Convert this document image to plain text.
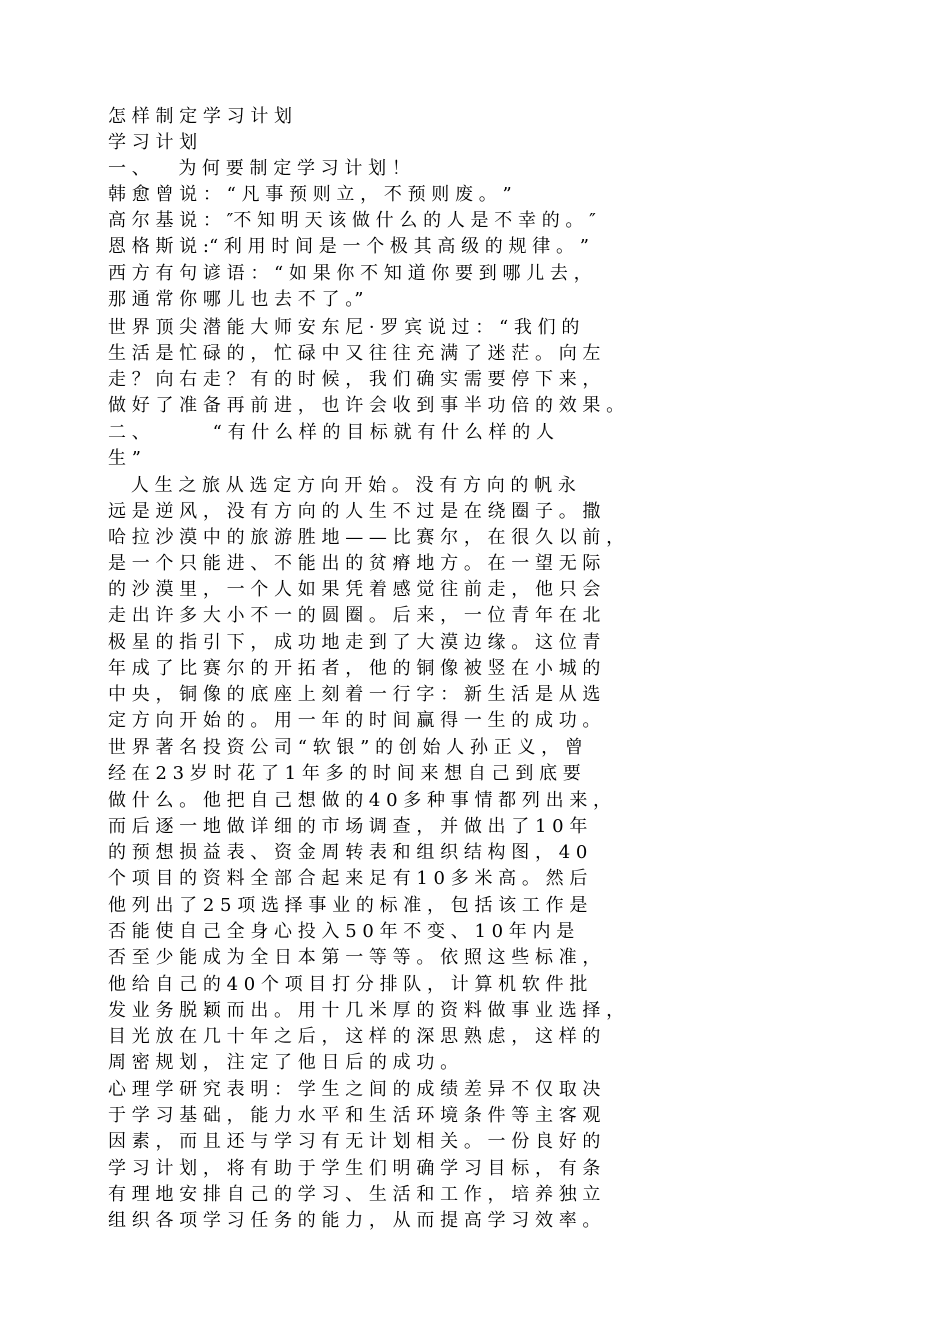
怎 样 制 定 学 习 计 划
学 习 计 划
一 、     为 何 要 制 定 学 习 计 划 ！
韩 愈 曾 说 ： “ 凡 事 预 则 立 ， 不 预 则 废 。 ”
高 尔 基 说 ： ″不 知 明 天 该 做 什 么 的 人 是 不 幸 的 。 ″
恩 格 斯 说 :“ 利 用 时 间 是 一 个 极 其 高 级 的 规 律 。 ”
西 方 有 句 谚 语 ： “ 如 果 你 不 知 道 你 要 到 哪 儿 去 ，
那 通 常 你 哪 儿 也 去 不 了 。”
世 界 顶 尖 潜 能 大 师 安 东 尼 · 罗 宾 说 过 ： “ 我 们 的
生 活 是 忙 碌 的 ， 忙 碌 中 又 往 往 充 满 了 迷 茫 。 向 左
走 ？ 向 右 走 ？ 有 的 时 候 ， 我 们 确 实 需 要 停 下 来 ，
做 好 了 准 备 再 前 进 ， 也 许 会 收 到 事 半 功 倍 的 效 果 。
二 、           “ 有 什 么 样 的 目 标 就 有 什 么 样 的 人
生 ”
人 生 之 旅 从 选 定 方 向 开 始 。 没 有 方 向 的 帆 永
远 是 逆 风 ， 没 有 方 向 的 人 生 不 过 是 在 绕 圈 子 。 撒
哈 拉 沙 漠 中 的 旅 游 胜 地 — — 比 赛 尔 ， 在 很 久 以 前 ，
是 一 个 只 能 进 、 不 能 出 的 贫 瘠 地 方 。 在 一 望 无 际
的 沙 漠 里 ， 一 个 人 如 果 凭 着 感 觉 往 前 走 ， 他 只 会
走 出 许 多 大 小 不 一 的 圆 圈 。 后 来 ， 一 位 青 年 在 北
极 星 的 指 引 下 ， 成 功 地 走 到 了 大 漠 边 缘 。 这 位 青
年 成 了 比 赛 尔 的 开 拓 者 ， 他 的 铜 像 被 竖 在 小 城 的
中 央 ， 铜 像 的 底 座 上 刻 着 一 行 字 ： 新 生 活 是 从 选
定 方 向 开 始 的 。 用 一 年 的 时 间 赢 得 一 生 的 成 功 。
世 界 著 名 投 资 公 司 “ 软 银 ” 的 创 始 人 孙 正 义 ， 曾
经 在 2 3 岁 时 花 了 1 年 多 的 时 间 来 想 自 己 到 底 要
做 什 么 。 他 把 自 己 想 做 的 4 0 多 种 事 情 都 列 出 来 ，
而 后 逐 一 地 做 详 细 的 市 场 调 查 ， 并 做 出 了 1 0 年
的 预 想 损 益 表 、 资 金 周 转 表 和 组 织 结 构 图 ， 4 0
个 项 目 的 资 料 全 部 合 起 来 足 有 1 0 多 米 高 。 然 后
他 列 出 了 2 5 项 选 择 事 业 的 标 准 ， 包 括 该 工 作 是
否 能 使 自 己 全 身 心 投 入 5 0 年 不 变 、 1 0 年 内 是
否 至 少 能 成 为 全 日 本 第 一 等 等 。 依 照 这 些 标 准 ，
他 给 自 己 的 4 0 个 项 目 打 分 排 队 ， 计 算 机 软 件 批
发 业 务 脱 颖 而 出 。 用 十 几 米 厚 的 资 料 做 事 业 选 择 ，
目 光 放 在 几 十 年 之 后 ， 这 样 的 深 思 熟 虑 ， 这 样 的
周 密 规 划 ， 注 定 了 他 日 后 的 成 功 。
心 理 学 研 究 表 明 ： 学 生 之 间 的 成 绩 差 异 不 仅 取 决
于 学 习 基 础 ， 能 力 水 平 和 生 活 环 境 条 件 等 主 客 观
因 素 ， 而 且 还 与 学 习 有 无 计 划 相 关 。 一 份 良 好 的
学 习 计 划 ， 将 有 助 于 学 生 们 明 确 学 习 目 标 ， 有 条
有 理 地 安 排 自 己 的 学 习 、 生 活 和 工 作 ， 培 养 独 立
组 织 各 项 学 习 任 务 的 能 力 ， 从 而 提 高 学 习 效 率 。
